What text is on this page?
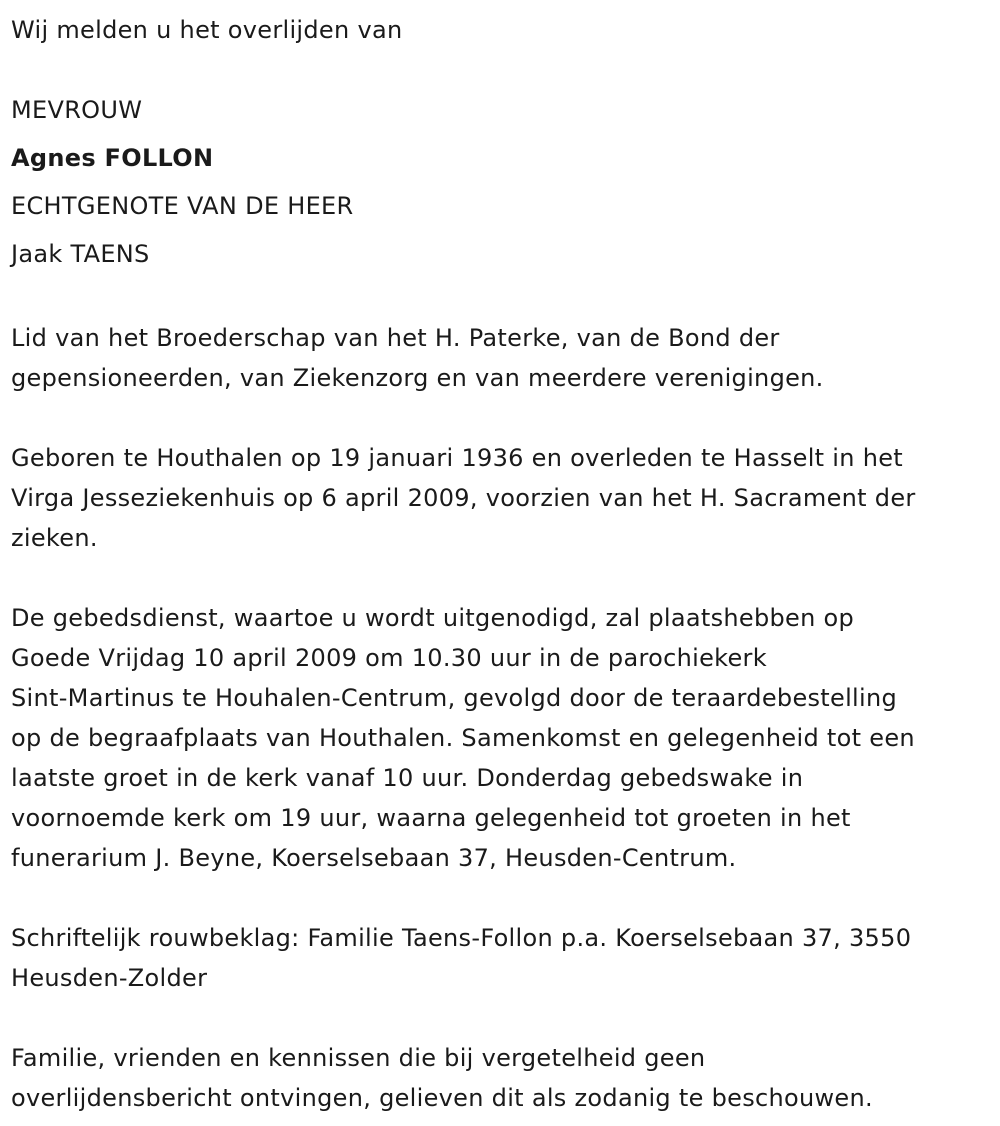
Wij melden u het overlijden van
MEVROUW
Agnes FOLLON
ECHTGENOTE VAN DE HEER
Jaak TAENS

Lid van het Broederschap van het H. Paterke, van de Bond der
gepensioneerden, van Ziekenzorg en van meerdere verenigingen.

Geboren te Houthalen op 19 januari 1936 en overleden te Hasselt in het
Virga Jesseziekenhuis op 6 april 2009, voorzien van het H. Sacrament der
zieken.

De gebedsdienst, waartoe u wordt uitgenodigd, zal plaatshebben op
Goede Vrijdag 10 april 2009 om 10.30 uur in de parochiekerk
Sint-Martinus te Houhalen-Centrum, gevolgd door de teraardebestelling
op de begraafplaats van Houthalen. Samenkomst en gelegenheid tot een
laatste groet in de kerk vanaf 10 uur. Donderdag gebedswake in
voornoemde kerk om 19 uur, waarna gelegenheid tot groeten in het
funerarium J. Beyne, Koerselsebaan 37, Heusden-Centrum.

Schriftelijk rouwbeklag: Familie Taens-Follon p.a. Koerselsebaan 37, 3550
Heusden-Zolder

Familie, vrienden en kennissen die bij vergetelheid geen
overlijdensbericht ontvingen, gelieven dit als zodanig te beschouwen.
